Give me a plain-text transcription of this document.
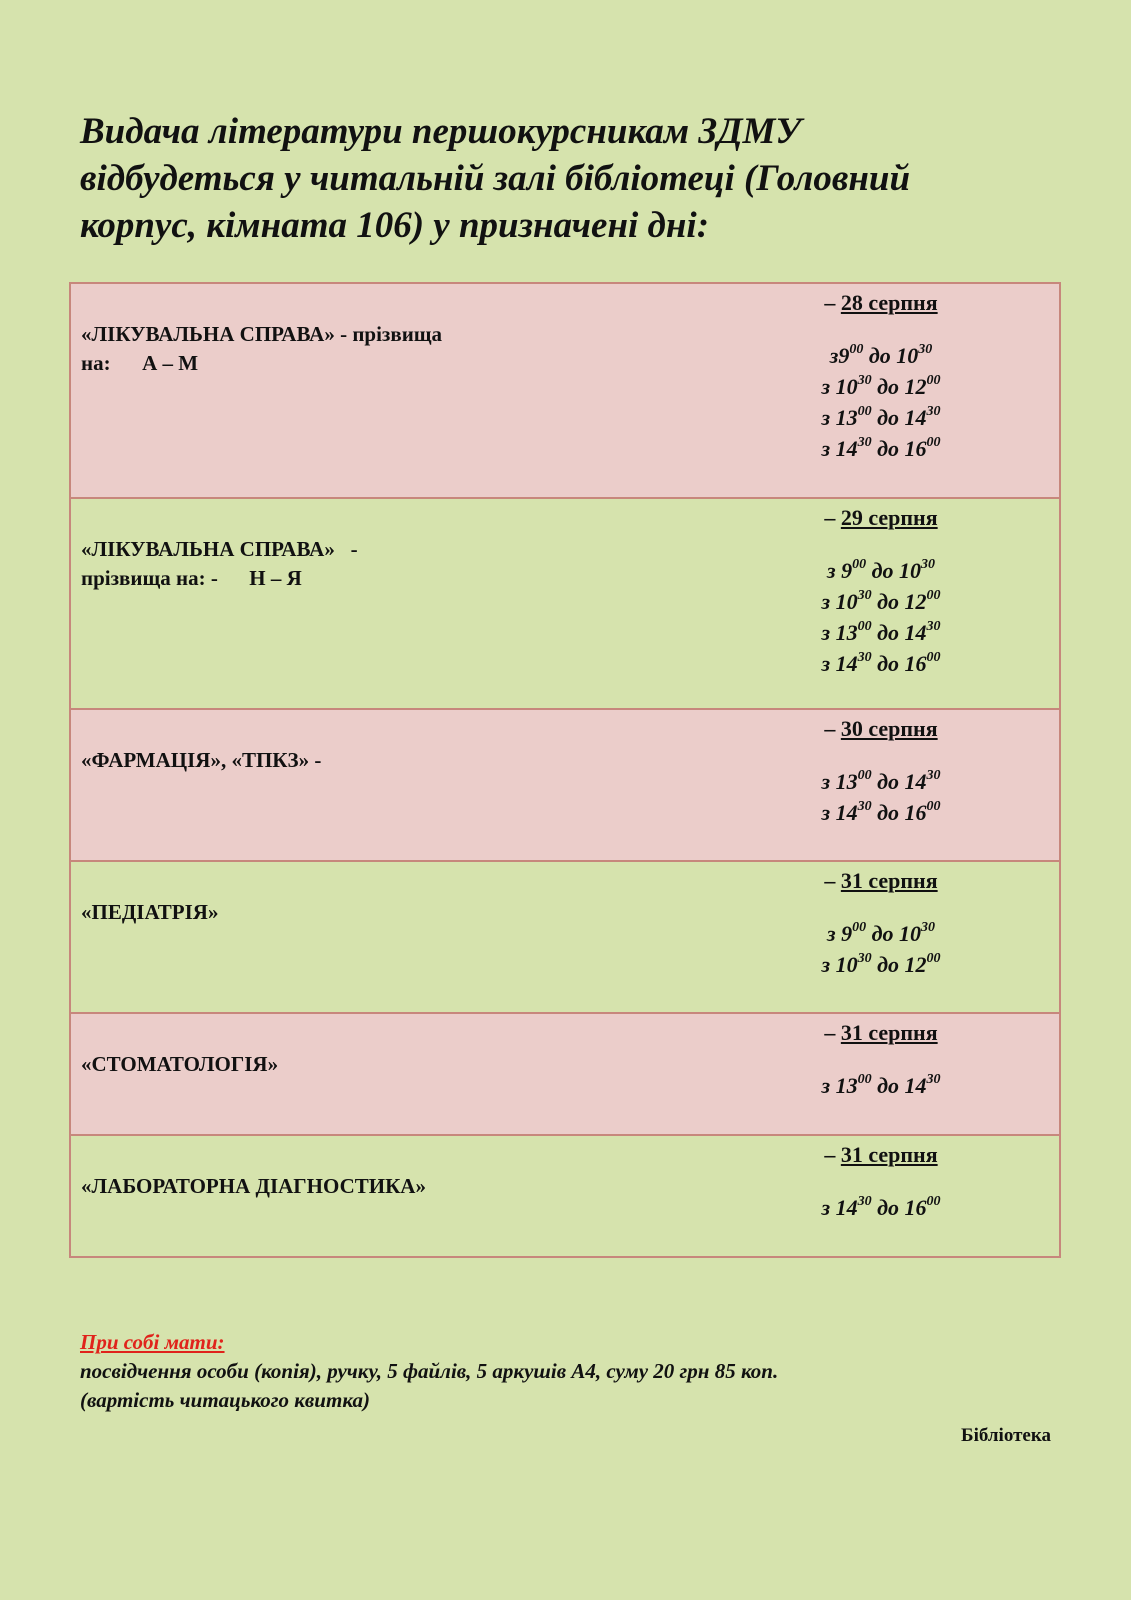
Видача літератури першокурсникам ЗДМУ
відбудеться у читальній залі бібліотеці (Головний
корпус, кімната 106) у призначені дні:
«ЛІКУВАЛЬНА СПРАВА» - прізвища
на:      А – М
– 28 серпня
$з9^{00}$ до $10^{30}$
з $10^{30}$ до $12^{00}$
з $13^{00}$ до $14^{30}$
з $14^{30}$ до $16^{00}$
«ЛІКУВАЛЬНА СПРАВА»   -
прізвища на: -      Н – Я
– 29 серпня
з $9^{00}$ до $10^{30}$
з $10^{30}$ до $12^{00}$
з $13^{00}$ до $14^{30}$
з $14^{30}$ до $16^{00}$
«ФАРМАЦІЯ», «ТПКЗ» -
– 30 серпня
з $13^{00}$ до $14^{30}$
з $14^{30}$ до $16^{00}$
«ПЕДІАТРІЯ»
– 31 серпня
з $9^{00}$ до $10^{30}$
з $10^{30}$ до $12^{00}$
«СТОМАТОЛОГІЯ»
– 31 серпня
з $13^{00}$ до $14^{30}$
«ЛАБОРАТОРНА ДІАГНОСТИКА»
– 31 серпня
з $14^{30}$ до $16^{00}$
При собі мати:
посвідчення особи (копія), ручку, 5 файлів, 5 аркушів А4, суму 20 грн 85 коп.
(вартість читацького квитка)
Бібліотека
